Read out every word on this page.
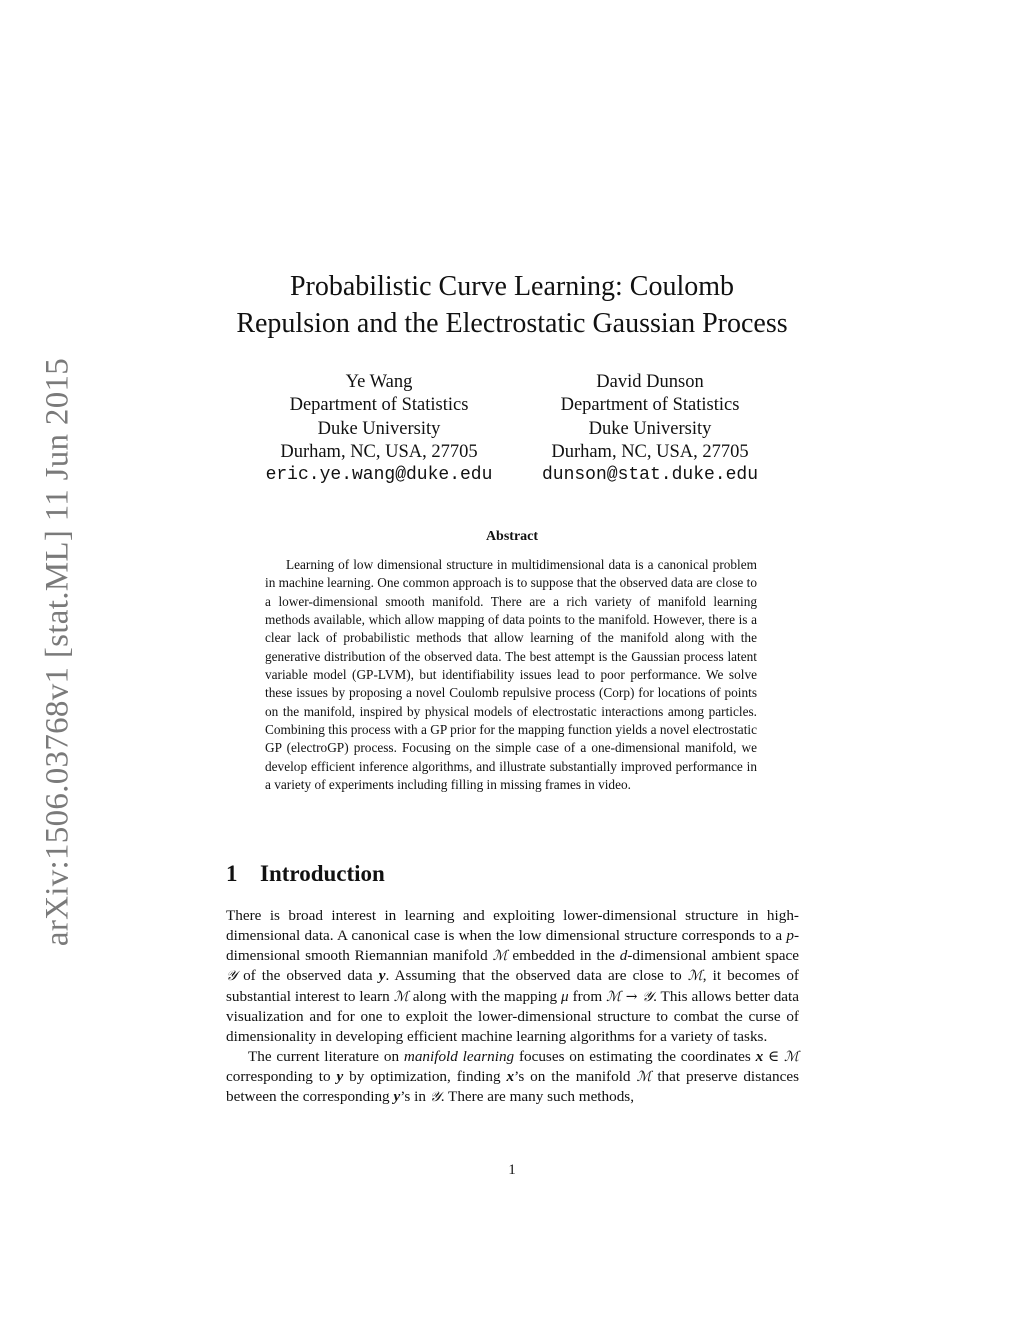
arXiv:1506.03768v1 [stat.ML] 11 Jun 2015
Probabilistic Curve Learning: Coulomb
Repulsion and the Electrostatic Gaussian Process
Ye Wang
Department of Statistics
Duke University
Durham, NC, USA, 27705
eric.ye.wang@duke.edu
David Dunson
Department of Statistics
Duke University
Durham, NC, USA, 27705
dunson@stat.duke.edu
Abstract
Learning of low dimensional structure in multidimensional data is a canonical problem in machine learning. One common approach is to suppose that the observed data are close to a lower-dimensional smooth manifold. There are a rich variety of manifold learning methods available, which allow mapping of data points to the manifold. However, there is a clear lack of probabilistic methods that allow learning of the manifold along with the generative distribution of the observed data. The best attempt is the Gaussian process latent variable model (GP-LVM), but identifiability issues lead to poor performance. We solve these issues by proposing a novel Coulomb repulsive process (Corp) for locations of points on the manifold, inspired by physical models of electrostatic interactions among particles. Combining this process with a GP prior for the mapping function yields a novel electrostatic GP (electroGP) process. Focusing on the simple case of a one-dimensional manifold, we develop efficient inference algorithms, and illustrate substantially improved performance in a variety of experiments including filling in missing frames in video.
1 Introduction

There is broad interest in learning and exploiting lower-dimensional structure in high-dimensional data. A canonical case is when the low dimensional structure corresponds to a p-dimensional smooth Riemannian manifold ℳ embedded in the d-dimensional ambient space 𝒴 of the observed data y. Assuming that the observed data are close to ℳ, it becomes of substantial interest to learn ℳ along with the mapping μ from ℳ → 𝒴. This allows better data visualization and for one to exploit the lower-dimensional structure to combat the curse of dimensionality in developing efficient machine learning algorithms for a variety of tasks.

The current literature on manifold learning focuses on estimating the coordinates x ∈ ℳ corresponding to y by optimization, finding x’s on the manifold ℳ that preserve distances between the corresponding y’s in 𝒴. There are many such methods,

1
